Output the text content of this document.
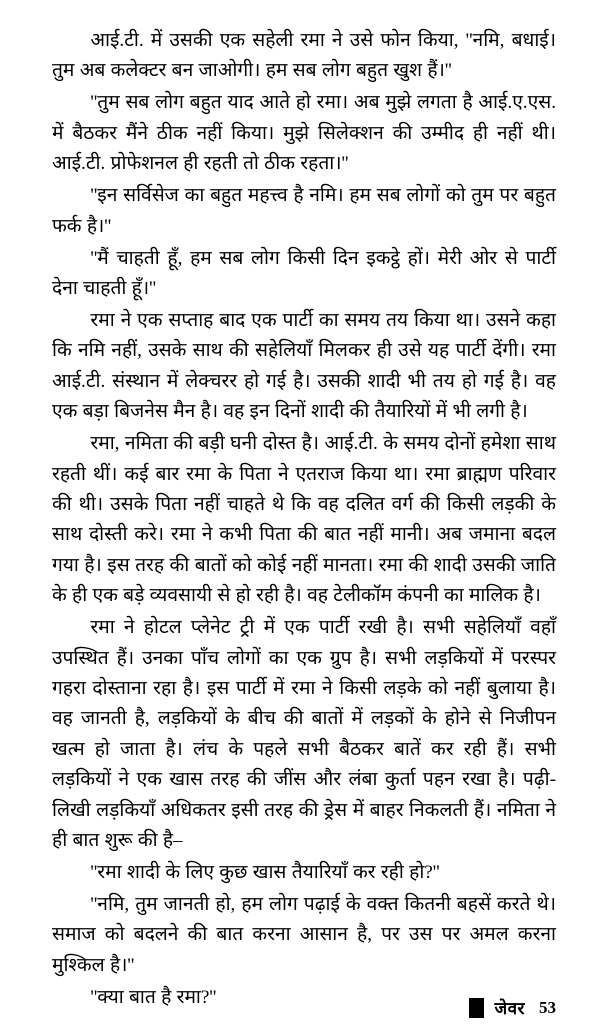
आई.टी. में उसकी एक सहेली रमा ने उसे फोन किया, ''नमि, बधाई। तुम अब कलेक्टर बन जाओगी। हम सब लोग बहुत खुश हैं।''

''तुम सब लोग बहुत याद आते हो रमा। अब मुझे लगता है आई.ए.एस. में बैठकर मैंने ठीक नहीं किया। मुझे सिलेक्शन की उम्मीद ही नहीं थी। आई.टी. प्रोफेशनल ही रहती तो ठीक रहता।''

''इन सर्विसेज का बहुत महत्त्व है नमि। हम सब लोगों को तुम पर बहुत फर्क है।''

''मैं चाहती हूँ, हम सब लोग किसी दिन इकट्ठे हों। मेरी ओर से पार्टी देना चाहती हूँ।''

रमा ने एक सप्ताह बाद एक पार्टी का समय तय किया था। उसने कहा कि नमि नहीं, उसके साथ की सहेलियाँ मिलकर ही उसे यह पार्टी देंगी। रमा आई.टी. संस्थान में लेक्चरर हो गई है। उसकी शादी भी तय हो गई है। वह एक बड़ा बिजनेस मैन है। वह इन दिनों शादी की तैयारियों में भी लगी है।

रमा, नमिता की बड़ी घनी दोस्त है। आई.टी. के समय दोनों हमेशा साथ रहती थीं। कई बार रमा के पिता ने एतराज किया था। रमा ब्राह्मण परिवार की थी। उसके पिता नहीं चाहते थे कि वह दलित वर्ग की किसी लड़की के साथ दोस्ती करे। रमा ने कभी पिता की बात नहीं मानी। अब जमाना बदल गया है। इस तरह की बातों को कोई नहीं मानता। रमा की शादी उसकी जाति के ही एक बड़े व्यवसायी से हो रही है। वह टेलीकॉम कंपनी का मालिक है।

रमा ने होटल प्लेनेट ट्री में एक पार्टी रखी है। सभी सहेलियाँ वहाँ उपस्थित हैं। उनका पाँच लोगों का एक ग्रुप है। सभी लड़कियों में परस्पर गहरा दोस्ताना रहा है। इस पार्टी में रमा ने किसी लड़के को नहीं बुलाया है। वह जानती है, लड़कियों के बीच की बातों में लड़कों के होने से निजीपन खत्म हो जाता है। लंच के पहले सभी बैठकर बातें कर रही हैं। सभी लड़कियों ने एक खास तरह की जींस और लंबा कुर्ता पहन रखा है। पढ़ी-लिखी लड़कियाँ अधिकतर इसी तरह की ड्रेस में बाहर निकलती हैं। नमिता ने ही बात शुरू की है–

''रमा शादी के लिए कुछ खास तैयारियाँ कर रही हो?''

''नमि, तुम जानती हो, हम लोग पढ़ाई के वक्त कितनी बहसें करते थे। समाज को बदलने की बात करना आसान है, पर उस पर अमल करना मुश्किल है।''

''क्या बात है रमा?''

जेवर 53
